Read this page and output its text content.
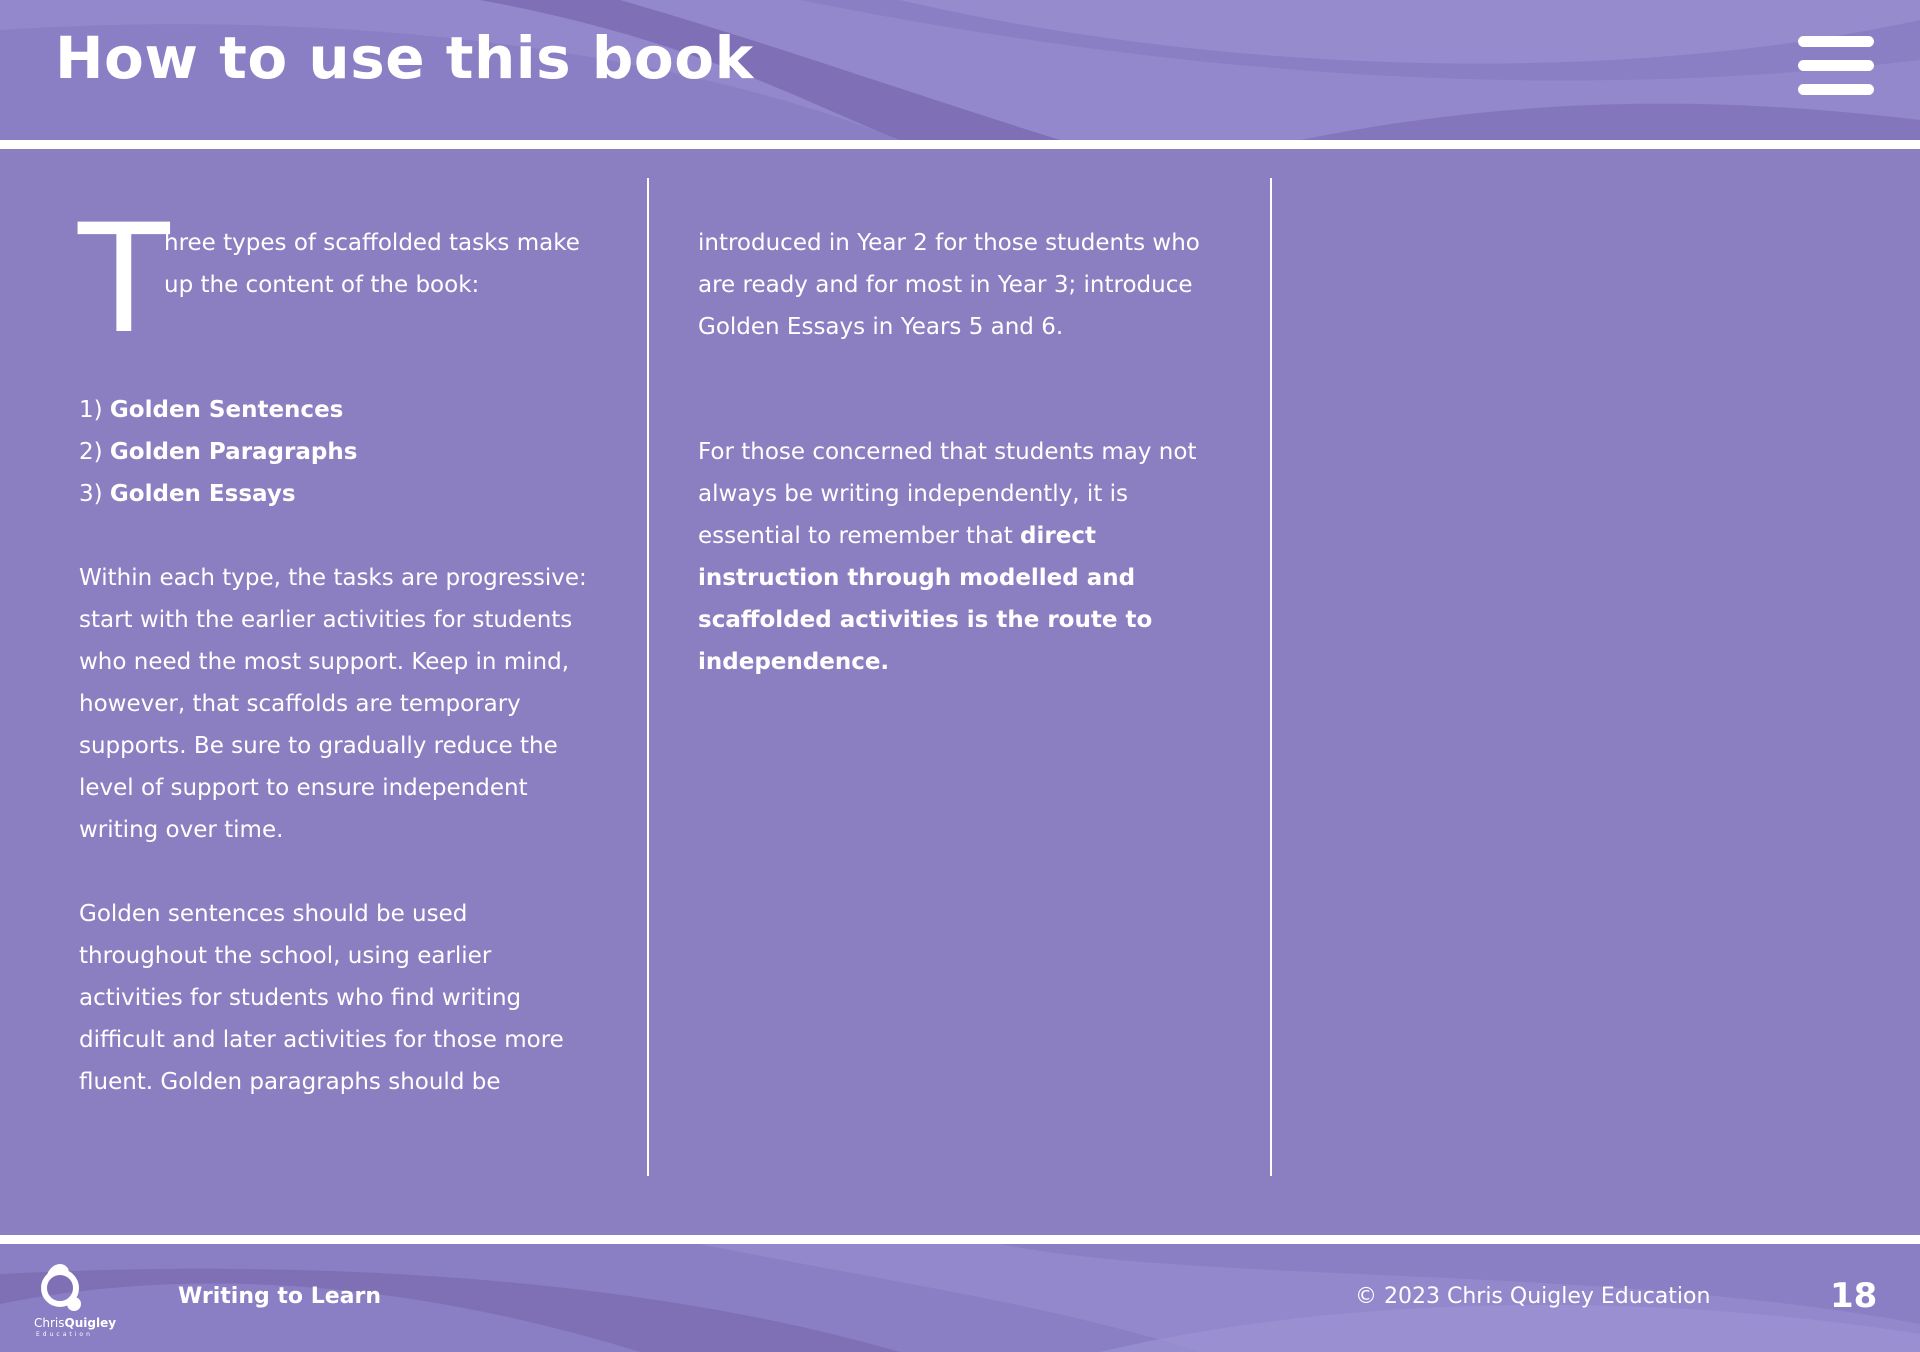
How to use this book
T

hree types of scaffolded tasks make up the content of the book:

1) Golden Sentences

2) Golden Paragraphs

3) Golden Essays

Within each type, the tasks are progressive: start with the earlier activities for students who need the most support. Keep in mind, however, that scaffolds are temporary supports. Be sure to gradually reduce the level of support to ensure independent writing over time.

Golden sentences should be used throughout the school, using earlier activities for students who find writing difficult and later activities for those more fluent. Golden paragraphs should be

introduced in Year 2 for those students who are ready and for most in Year 3; introduce Golden Essays in Years 5 and 6.

For those concerned that students may not always be writing independently, it is essential to remember that direct instruction through modelled and scaffolded activities is the route to independence.

ChrisQuigley
Education
Writing to Learn	© 2023 Chris Quigley Education	18
